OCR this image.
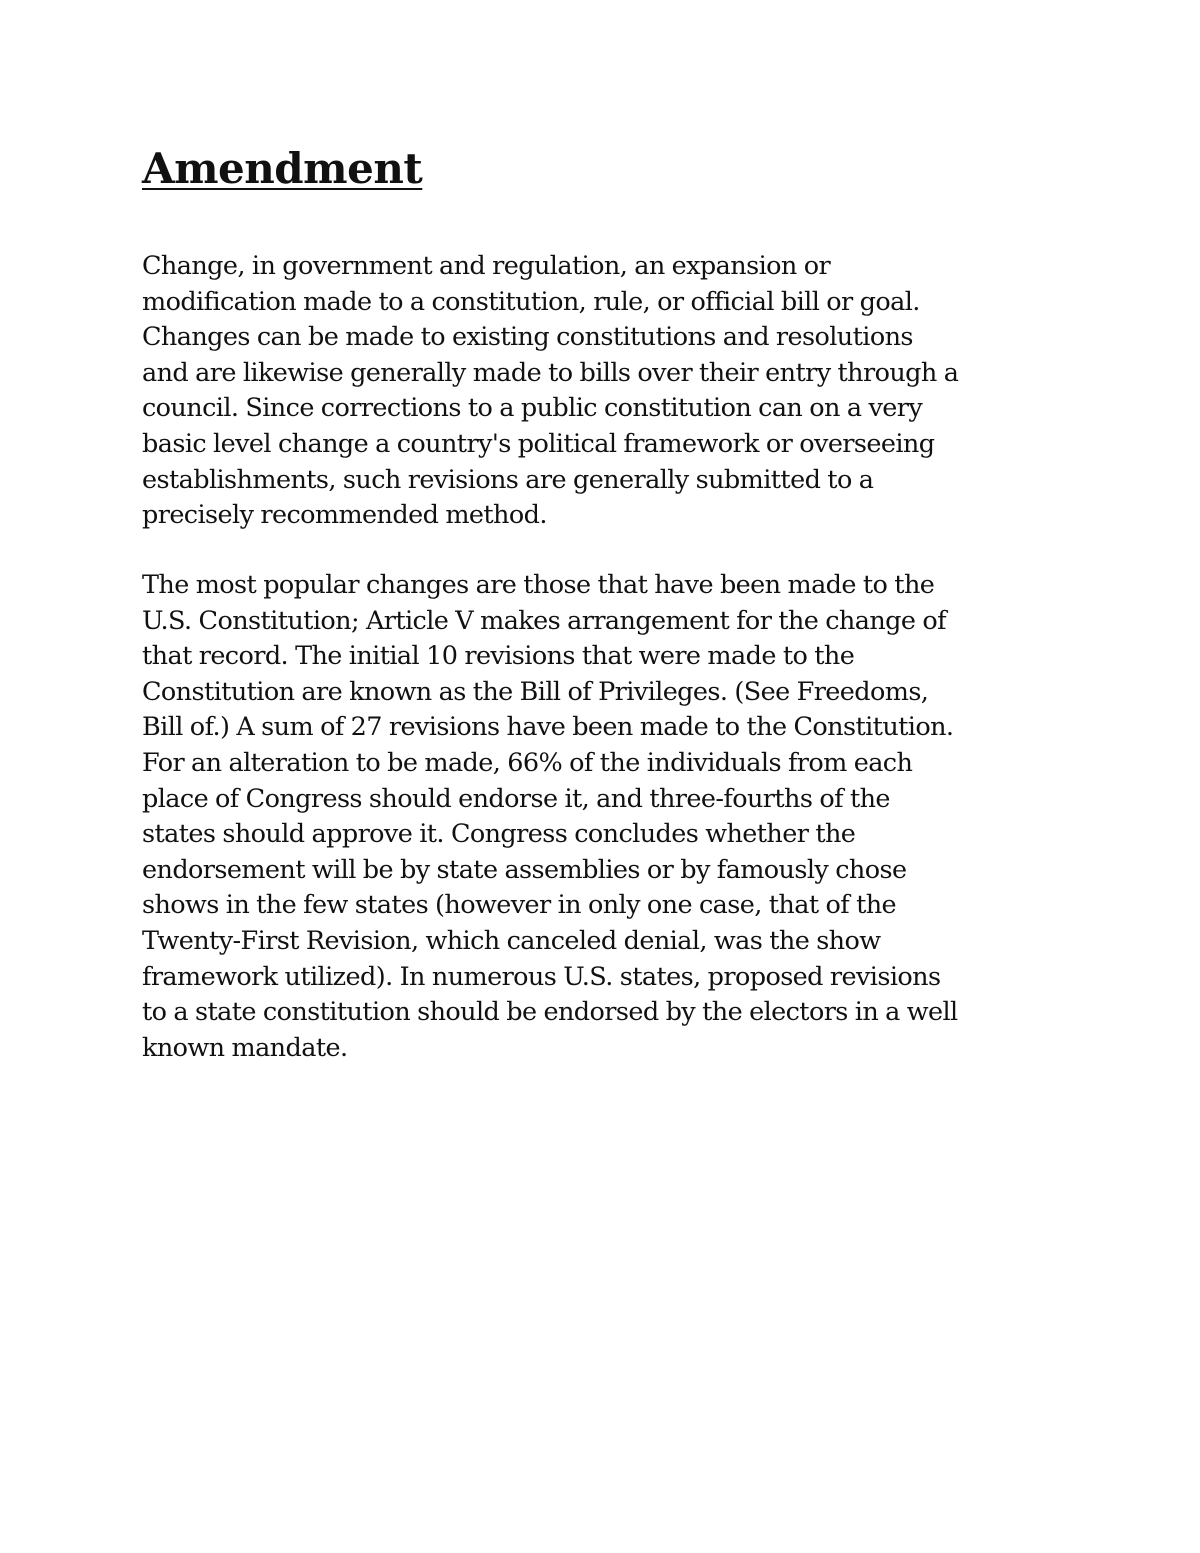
Amendment

Change, in government and regulation, an expansion or
modification made to a constitution, rule, or official bill or goal.
Changes can be made to existing constitutions and resolutions
and are likewise generally made to bills over their entry through a
council. Since corrections to a public constitution can on a very
basic level change a country's political framework or overseeing
establishments, such revisions are generally submitted to a
precisely recommended method.

The most popular changes are those that have been made to the
U.S. Constitution; Article V makes arrangement for the change of
that record. The initial 10 revisions that were made to the
Constitution are known as the Bill of Privileges. (See Freedoms,
Bill of.) A sum of 27 revisions have been made to the Constitution.
For an alteration to be made, 66% of the individuals from each
place of Congress should endorse it, and three-fourths of the
states should approve it. Congress concludes whether the
endorsement will be by state assemblies or by famously chose
shows in the few states (however in only one case, that of the
Twenty-First Revision, which canceled denial, was the show
framework utilized). In numerous U.S. states, proposed revisions
to a state constitution should be endorsed by the electors in a well
known mandate.
